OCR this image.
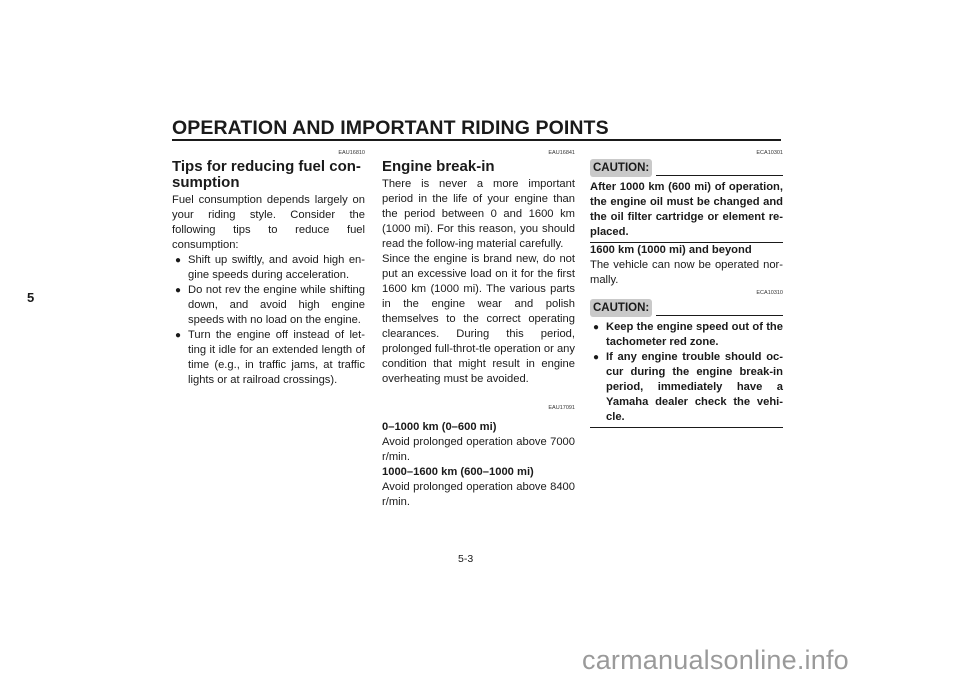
OPERATION AND IMPORTANT RIDING POINTS
5
EAU16810
Tips for reducing fuel con-sumption

Fuel consumption depends largely on your riding style. Consider the following tips to reduce fuel consumption:

● Shift up swiftly, and avoid high en-gine speeds during acceleration.
● Do not rev the engine while shifting down, and avoid high engine speeds with no load on the engine.
● Turn the engine off instead of let-ting it idle for an extended length of time (e.g., in traffic jams, at traffic lights or at railroad crossings).
EAU16841
Engine break-in

There is never a more important period in the life of your engine than the period between 0 and 1600 km (1000 mi). For this reason, you should read the follow-ing material carefully.

Since the engine is brand new, do not put an excessive load on it for the first 1600 km (1000 mi). The various parts in the engine wear and polish themselves to the correct operating clearances. During this period, prolonged full-throt-tle operation or any condition that might result in engine overheating must be avoided.

EAU17091
0–1000 km (0–600 mi)

Avoid prolonged operation above 7000 r/min.

1000–1600 km (600–1000 mi)

Avoid prolonged operation above 8400 r/min.

ECA10301
CAUTION:

After 1000 km (600 mi) of operation, the engine oil must be changed and the oil filter cartridge or element re-placed.

1600 km (1000 mi) and beyond

The vehicle can now be operated nor-mally.

ECA10310
CAUTION:
● Keep the engine speed out of the tachometer red zone.
● If any engine trouble should oc-cur during the engine break-in period, immediately have a Yamaha dealer check the vehi-cle.
5-3
carmanualsonline.info
